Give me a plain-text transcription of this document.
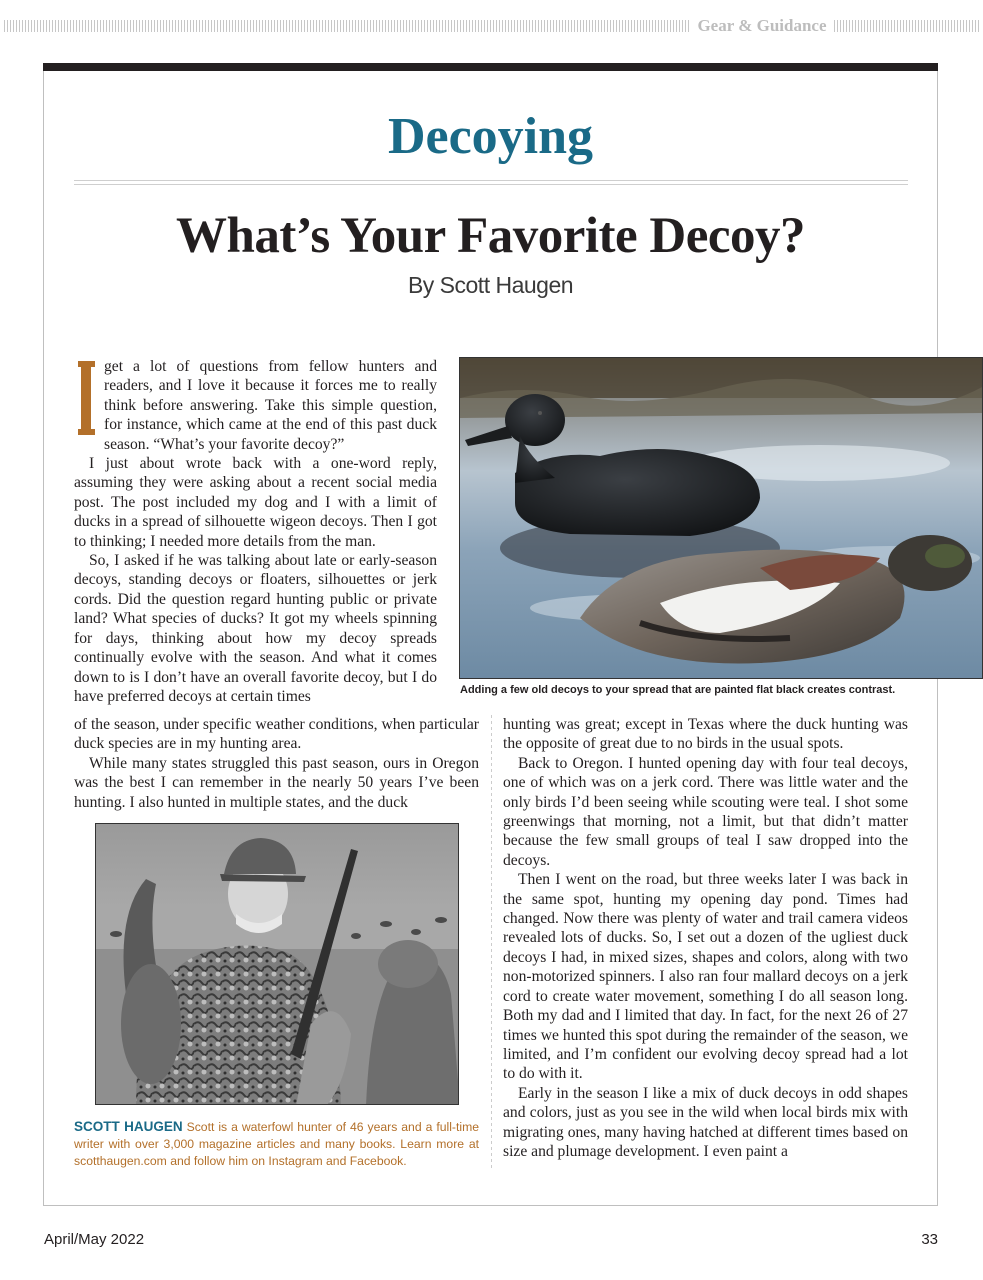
Gear & Guidance
Decoying
What’s Your Favorite Decoy?
By Scott Haugen

get a lot of questions from fellow hunters and readers, and I love it because it forces me to really think before answering. Take this simple question, for instance, which came at the end of this past duck season. “What’s your favorite decoy?”

I just about wrote back with a one-word reply, assuming they were asking about a recent social media post. The post included my dog and I with a limit of ducks in a spread of silhouette wigeon decoys. Then I got to thinking; I needed more details from the man.

So, I asked if he was talking about late or early-season decoys, standing decoys or floaters, silhouettes or jerk cords. Did the question regard hunting public or private land? What species of ducks? It got my wheels spinning for days, thinking about how my decoy spreads continually evolve with the season. And what it comes down to is I don’t have an overall favorite decoy, but I do have preferred decoys at certain times	Adding a few old decoys to your spread that are painted flat black creates contrast.

of the season, under specific weather conditions, when particular duck species are in my hunting area.

While many states struggled this past season, ours in Oregon was the best I can remember in the nearly 50 years I’ve been hunting. I also hunted in multiple states, and the duck

hunting was great; except in Texas where the duck hunting was the opposite of great due to no birds in the usual spots.

Back to Oregon. I hunted opening day with four teal decoys, one of which was on a jerk cord. There was little water and the only birds I’d been seeing while scouting were teal. I shot some greenwings that morning, not a limit, but that didn’t matter because the few small groups of teal I saw dropped into the decoys.

Then I went on the road, but three weeks later I was back in the same spot, hunting my opening day pond. Times had changed. Now there was plenty of water and trail camera videos revealed lots of ducks. So, I set out a dozen of the ugliest duck decoys I had, in mixed sizes, shapes and colors, along with two non-motorized spinners. I also ran four mallard decoys on a jerk cord to create water movement, something I do all season long. Both my dad and I limited that day. In fact, for the next 26 of 27 times we hunted this spot during the remainder of the season, we limited, and I’m confident our evolving decoy spread had a lot to do with it.

Early in the season I like a mix of duck decoys in odd shapes and colors, just as you see in the wild when local birds mix with migrating ones, many having hatched at different times based on size and plumage development. I even paint a

SCOTT HAUGEN Scott is a waterfowl hunter of 46 years and a full-time writer with over 3,000 magazine articles and many books. Learn more at scotthaugen.com and follow him on Instagram and Facebook.
April/May 2022	33
